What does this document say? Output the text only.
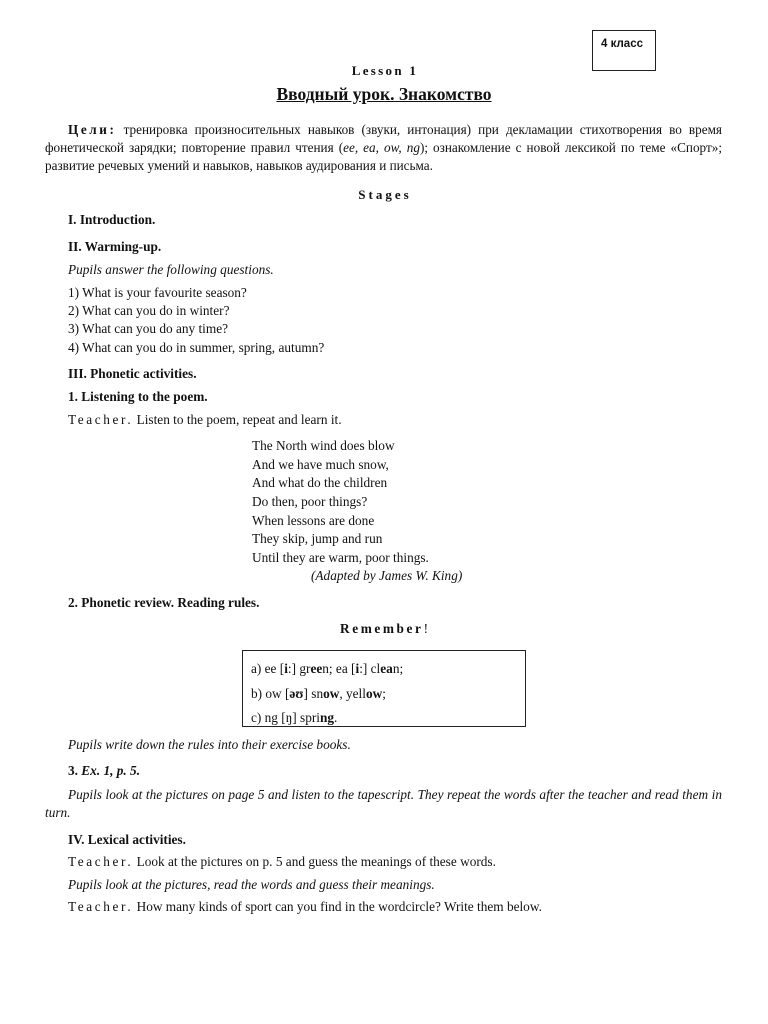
4 класс
Lesson 1
Вводный урок. Знакомство
Цели: тренировка произносительных навыков (звуки, интонация) при декламации стихотворения во время фонетической зарядки; повторение правил чтения (ee, ea, ow, ng); ознакомление с новой лексикой по теме «Спорт»; развитие речевых умений и навыков, навыков аудирования и письма.
Stages
I. Introduction.
II. Warming-up.
Pupils answer the following questions.
1) What is your favourite season?
2) What can you do in winter?
3) What can you do any time?
4) What can you do in summer, spring, autumn?
III. Phonetic activities.
1. Listening to the poem.
Teacher. Listen to the poem, repeat and learn it.
The North wind does blow
And we have much snow,
And what do the children
Do then, poor things?
When lessons are done
They skip, jump and run
Until they are warm, poor things.
(Adapted by James W. King)
2. Phonetic review. Reading rules.
Remember!
a) ee [i:] green; ea [i:] clean;
b) ow [əʊ] snow, yellow;
c) ng [ŋ] spring.
Pupils write down the rules into their exercise books.
3. Ex. 1, p. 5.
Pupils look at the pictures on page 5 and listen to the tapescript. They repeat the words after the teacher and read them in turn.
IV. Lexical activities.
Teacher. Look at the pictures on p. 5 and guess the meanings of these words.
Pupils look at the pictures, read the words and guess their meanings.
Teacher. How many kinds of sport can you find in the wordcircle? Write them below.
